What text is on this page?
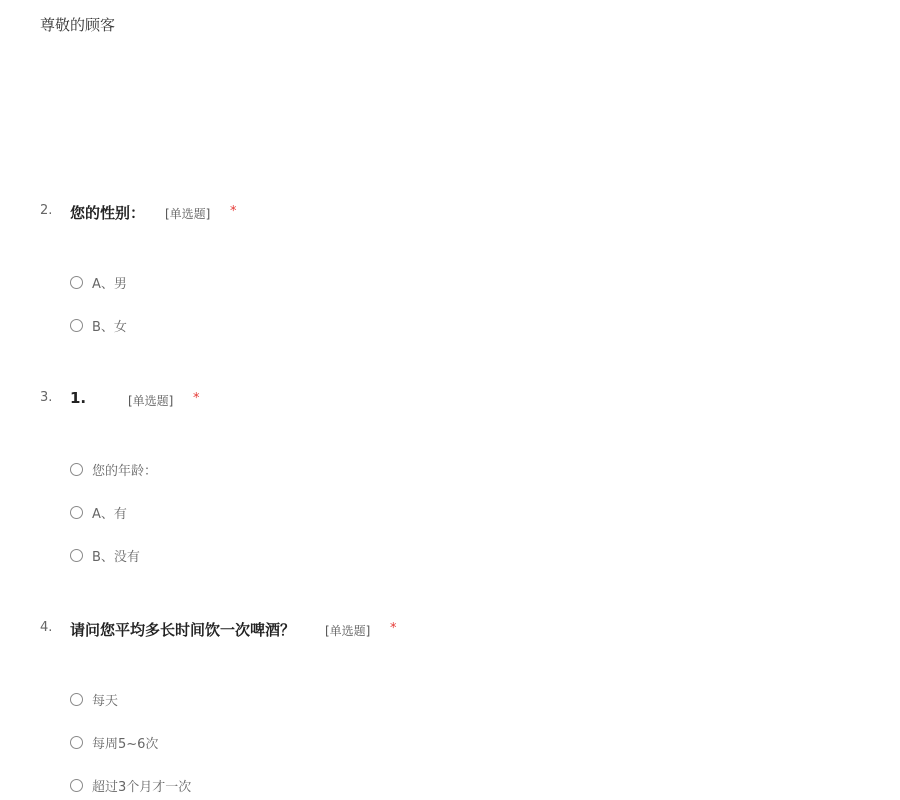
尊敬的顾客
2. 您的性别： [单选题] *
A、男
B、女
3. 1.	[单选题] *
您的年龄：
A、有
B、没有
4. 请问您平均多长时间饮一次啤酒？ [单选题] *
每天
每周5~6次
超过3个月才一次
